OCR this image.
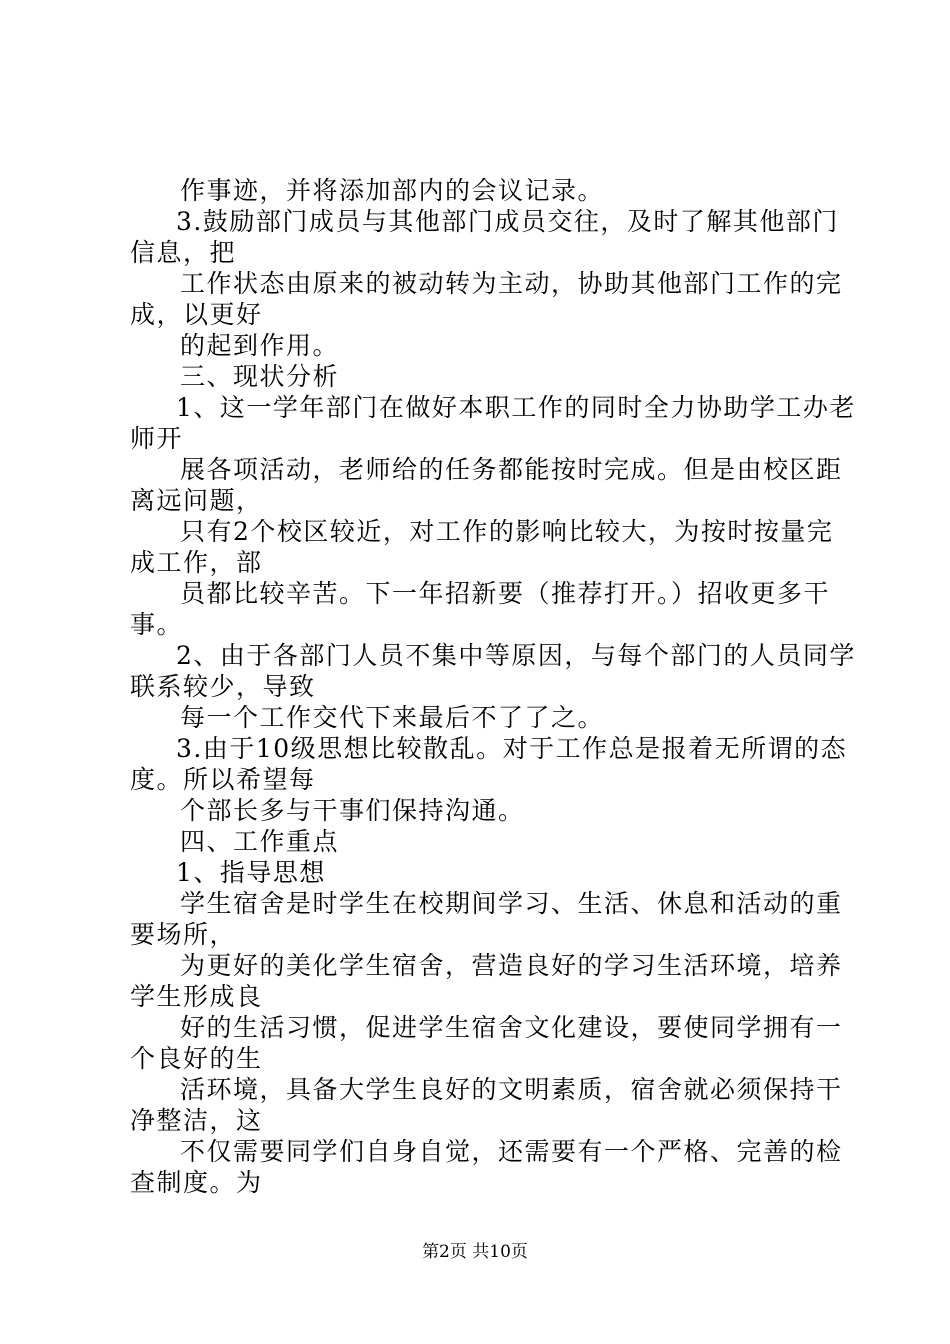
作事迹，并将添加部内的会议记录。
3.鼓励部门成员与其他部门成员交往，及时了解其他部门
信息，把
工作状态由原来的被动转为主动，协助其他部门工作的完
成，以更好
的起到作用。
三、现状分析
1、这一学年部门在做好本职工作的同时全力协助学工办老
师开
展各项活动，老师给的任务都能按时完成。但是由校区距
离远问题，
只有2个校区较近，对工作的影响比较大，为按时按量完
成工作，部
员都比较辛苦。下一年招新要（推荐打开。）招收更多干
事。
2、由于各部门人员不集中等原因，与每个部门的人员同学
联系较少，导致
每一个工作交代下来最后不了了之。
3.由于10级思想比较散乱。对于工作总是报着无所谓的态
度。所以希望每
个部长多与干事们保持沟通。
四、工作重点
1、指导思想
学生宿舍是时学生在校期间学习、生活、休息和活动的重
要场所，
为更好的美化学生宿舍，营造良好的学习生活环境，培养
学生形成良
好的生活习惯，促进学生宿舍文化建设，要使同学拥有一
个良好的生
活环境，具备大学生良好的文明素质，宿舍就必须保持干
净整洁，这
不仅需要同学们自身自觉，还需要有一个严格、完善的检
查制度。为
第2页 共10页
